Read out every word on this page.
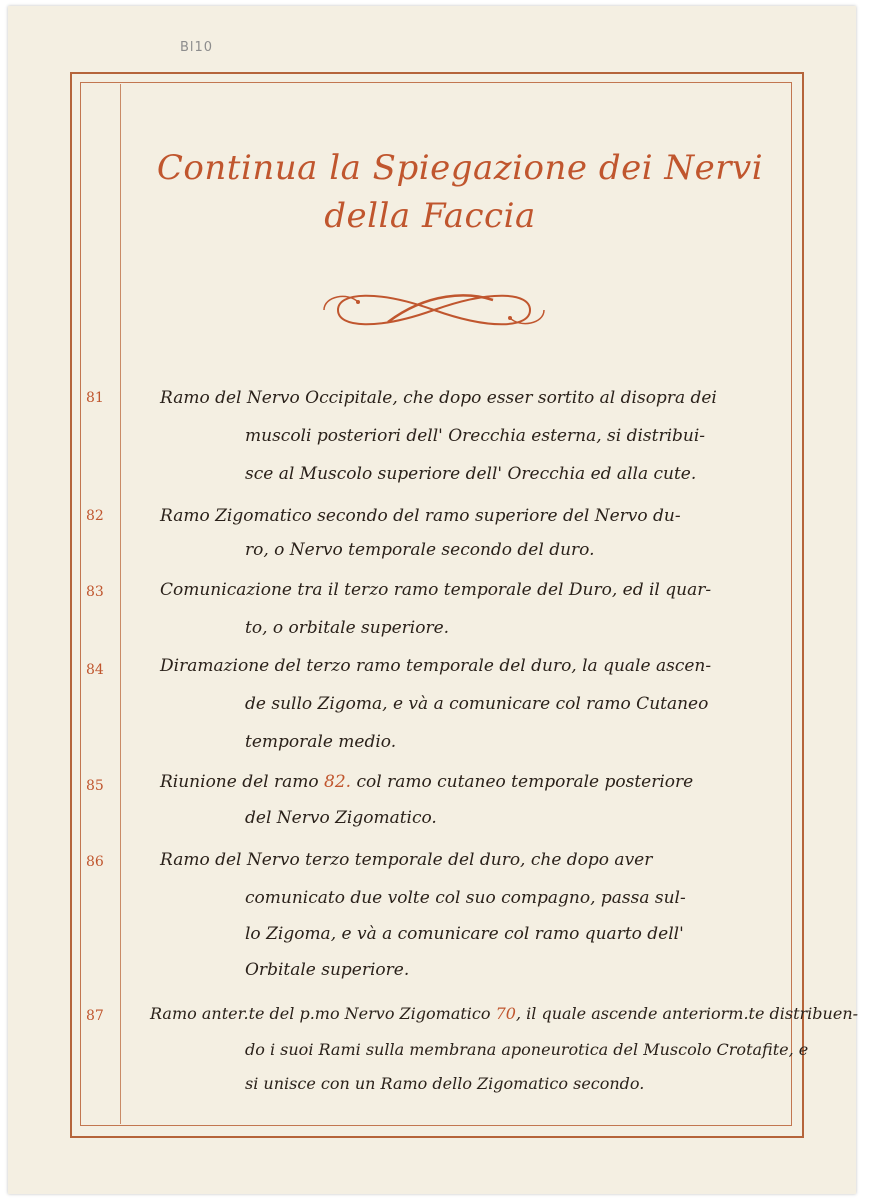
Bl10
Continua la Spiegazione dei Nervi
della Faccia
81	Ramo del Nervo Occipitale, che dopo esser sortito al disopra dei
muscoli posteriori dell' Orecchia esterna, si distribui-
sce al Muscolo superiore dell' Orecchia ed alla cute.
82	Ramo Zigomatico secondo del ramo superiore del Nervo du-
ro, o Nervo temporale secondo del duro.
83	Comunicazione tra il terzo ramo temporale del Duro, ed il quar-
to, o orbitale superiore.
84	Diramazione del terzo ramo temporale del duro, la quale ascen-
de sullo Zigoma, e và a comunicare col ramo Cutaneo
temporale medio.
85	Riunione del ramo 82. col ramo cutaneo temporale posteriore
del Nervo Zigomatico.
86	Ramo del Nervo terzo temporale del duro, che dopo aver
comunicato due volte col suo compagno, passa sul-
lo Zigoma, e và a comunicare col ramo quarto dell'
Orbitale superiore.
87	Ramo anter.te del p.mo Nervo Zigomatico 70, il quale ascende anteriorm.te distribuen-
do i suoi Rami sulla membrana aponeurotica del Muscolo Crotafite, e
si unisce con un Ramo dello Zigomatico secondo.
